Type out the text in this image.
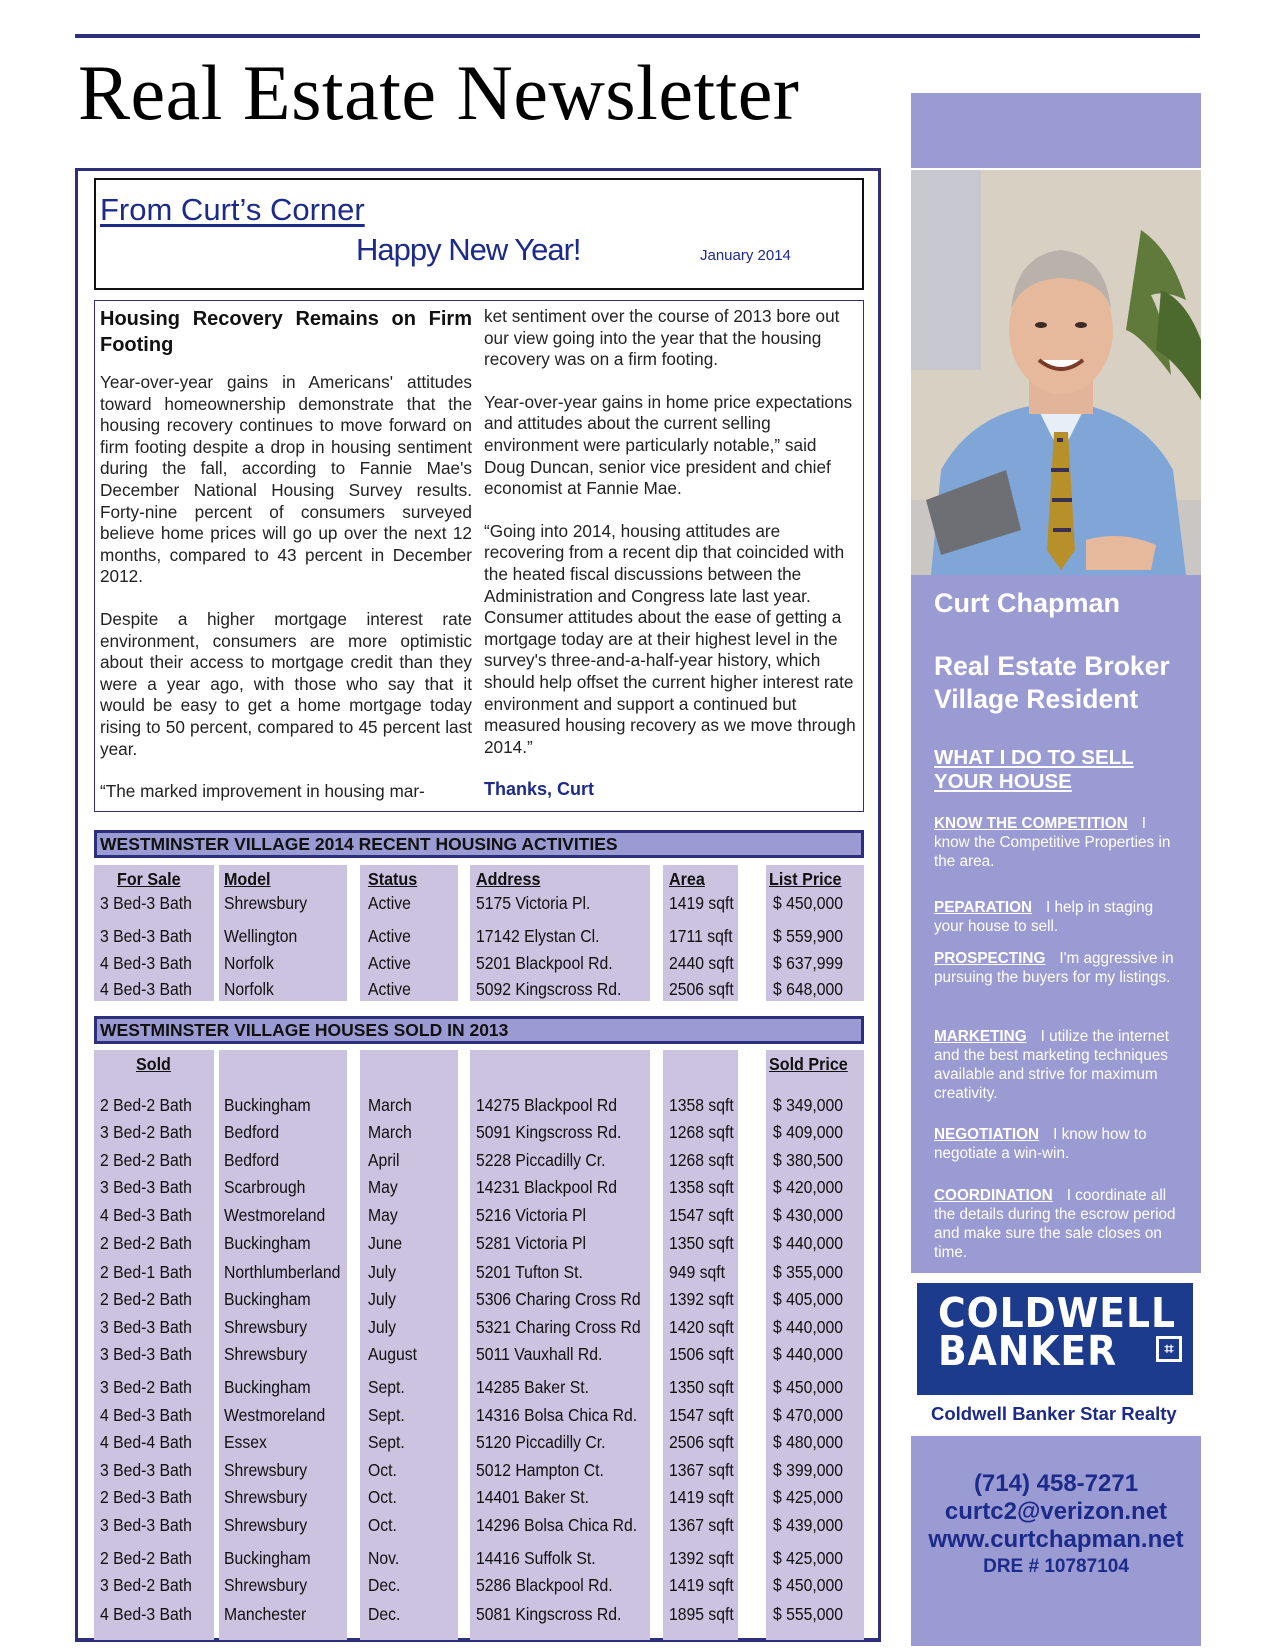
Real Estate Newsletter
From Curt’s Corner
Happy New Year!	January 2014
Housing Recovery Remains on Firm Footing

Year-over-year gains in Americans' attitudes toward homeownership demonstrate that the housing recovery continues to move forward on firm footing despite a drop in housing sentiment during the fall, according to Fannie Mae's December National Housing Survey results. Forty-nine percent of consumers surveyed believe home prices will go up over the next 12 months, compared to 43 percent in December 2012.

Despite a higher mortgage interest rate environment, consumers are more optimistic about their access to mortgage credit than they were a year ago, with those who say that it would be easy to get a home mortgage today rising to 50 percent, compared to 45 percent last year.

“The marked improvement in housing mar-

ket sentiment over the course of 2013 bore out our view going into the year that the housing recovery was on a firm footing.

Year-over-year gains in home price expectations and attitudes about the current selling environment were particularly notable,” said Doug Duncan, senior vice president and chief economist at Fannie Mae.

“Going into 2014, housing attitudes are recovering from a recent dip that coincided with the heated fiscal discussions between the Administration and Congress late last year. Consumer attitudes about the ease of getting a mortgage today are at their highest level in the survey's three-and-a-half-year history, which should help offset the current higher interest rate environment and support a continued but measured housing recovery as we move through 2014.”

Thanks, Curt
WESTMINSTER VILLAGE 2014 RECENT HOUSING ACTIVITIES
WESTMINSTER VILLAGE HOUSES SOLD IN 2013
Curt Chapman
Real Estate Broker
Village Resident
WHAT I DO TO SELL
YOUR HOUSE
KNOW THE COMPETITION I know the Competitive Properties in the area.
PEPARATION I help in staging your house to sell.
PROSPECTING I'm aggressive in pursuing the buyers for my listings.
MARKETING I utilize the internet and the best marketing techniques available and strive for maximum creativity.
NEGOTIATION I know how to negotiate a win-win.
COORDINATION I coordinate all the details during the escrow period and make sure the sale closes on time.
COLDWELL
BANKER	⌗
Coldwell Banker Star Realty
(714) 458-7271
curtc2@verizon.net
www.curtchapman.net
DRE # 10787104
For Sale Model	Status	Address	Area	List Price
3 Bed-3 Bath Shrewsbury	Active	5175 Victoria Pl.	1419 sqft $ 450,000
3 Bed-3 Bath Wellington	Active	17142 Elystan Cl.	1711 sqft $ 559,900
4 Bed-3 Bath Norfolk	Active	5201 Blackpool Rd.	2440 sqft $ 637,999
4 Bed-3 Bath Norfolk	Active	5092 Kingscross Rd.	2506 sqft $ 648,000
Sold	Sold Price
2 Bed-2 Bath Buckingham	March	14275 Blackpool Rd	1358 sqft $ 349,000
3 Bed-2 Bath Bedford	March	5091 Kingscross Rd.	1268 sqft $ 409,000
2 Bed-2 Bath Bedford	April	5228 Piccadilly Cr.	1268 sqft $ 380,500
3 Bed-3 Bath Scarbrough	May	14231 Blackpool Rd	1358 sqft $ 420,000
4 Bed-3 Bath Westmoreland May	5216 Victoria Pl	1547 sqft $ 430,000
2 Bed-2 Bath Buckingham	June	5281 Victoria Pl	1350 sqft $ 440,000
2 Bed-1 Bath Northlumberland July	5201 Tufton St.	949 sqft	$ 355,000
2 Bed-2 Bath Buckingham	July	5306 Charing Cross Rd 1392 sqft $ 405,000
3 Bed-3 Bath Shrewsbury	July	5321 Charing Cross Rd 1420 sqft $ 440,000
3 Bed-3 Bath Shrewsbury	August	5011 Vauxhall Rd.	1506 sqft $ 440,000
3 Bed-2 Bath Buckingham	Sept.	14285 Baker St.	1350 sqft $ 450,000
4 Bed-3 Bath Westmoreland Sept.	14316 Bolsa Chica Rd. 1547 sqft $ 470,000
4 Bed-4 Bath Essex	Sept.	5120 Piccadilly Cr.	2506 sqft $ 480,000
3 Bed-3 Bath Shrewsbury	Oct.	5012 Hampton Ct.	1367 sqft $ 399,000
2 Bed-3 Bath Shrewsbury	Oct.	14401 Baker St.	1419 sqft $ 425,000
3 Bed-3 Bath Shrewsbury	Oct.	14296 Bolsa Chica Rd. 1367 sqft $ 439,000
2 Bed-2 Bath Buckingham	Nov.	14416 Suffolk St.	1392 sqft $ 425,000
3 Bed-2 Bath Shrewsbury	Dec.	5286 Blackpool Rd.	1419 sqft $ 450,000
4 Bed-3 Bath Manchester	Dec.	5081 Kingscross Rd.	1895 sqft $ 555,000
